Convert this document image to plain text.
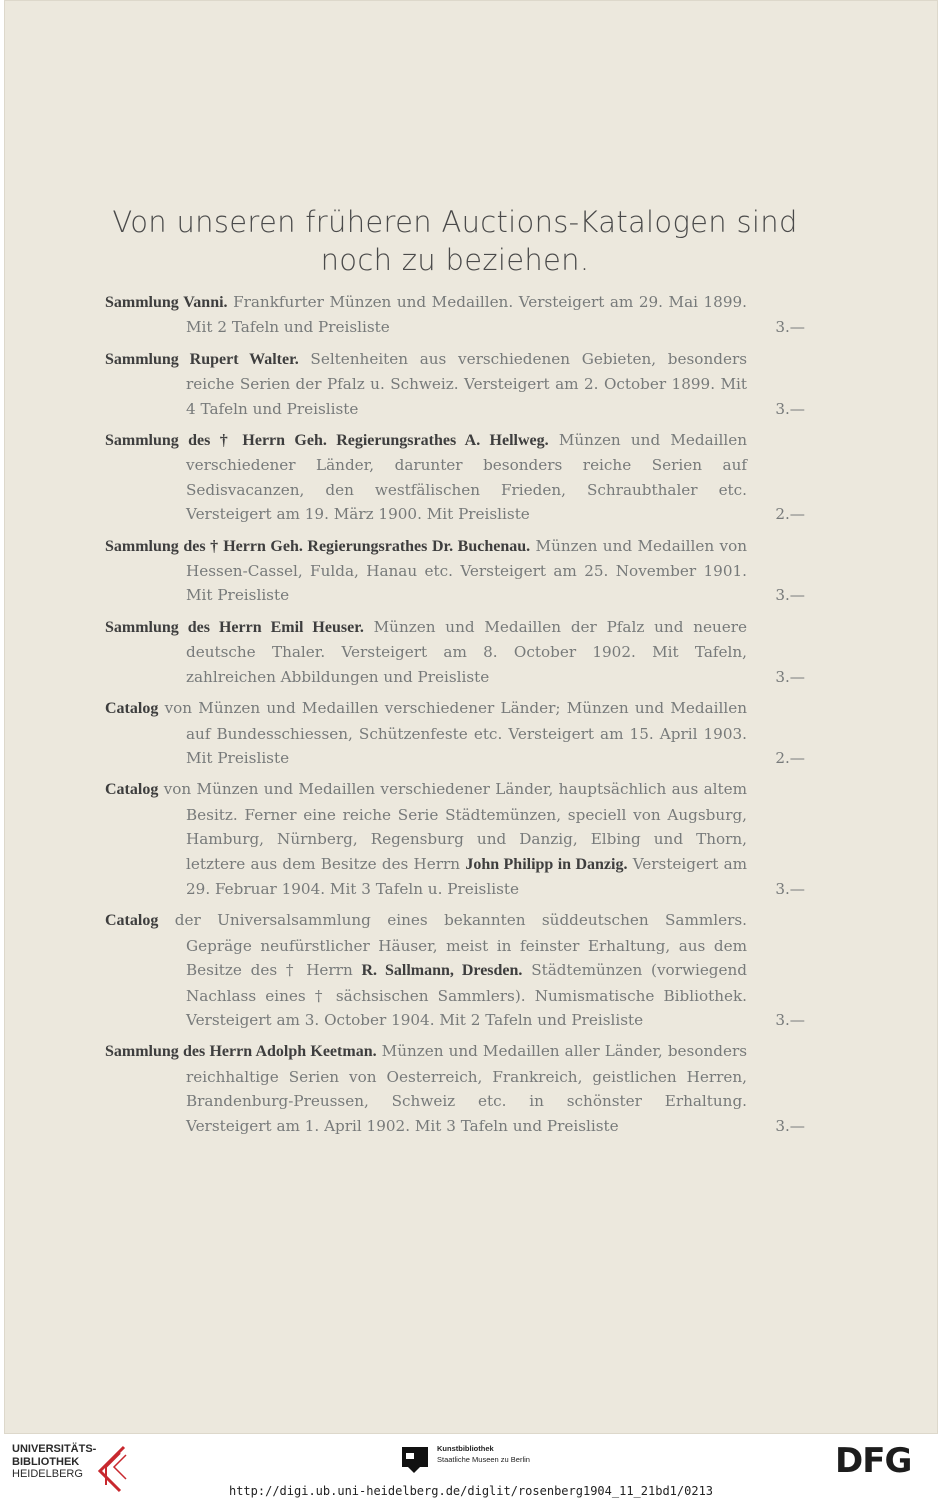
Von unseren früheren Auctions-Katalogen sind
noch zu beziehen.
Sammlung Vanni. Frankfurter Münzen und Medaillen. Versteigert am 29. Mai 1899. Mit 2 Tafeln und Preisliste	3.—
Sammlung Rupert Walter. Seltenheiten aus verschiedenen Gebieten, besonders reiche Serien der Pfalz u. Schweiz. Versteigert am 2. October 1899. Mit 4 Tafeln und Preisliste	3.—
Sammlung des † Herrn Geh. Regierungsrathes A. Hellweg. Münzen und Medaillen verschiedener Länder, darunter besonders reiche Serien auf Sedisvacanzen, den westfälischen Frieden, Schraubthaler etc. Versteigert am 19. März 1900. Mit Preisliste	2.—
Sammlung des † Herrn Geh. Regierungsrathes Dr. Buchenau. Münzen und Medaillen von Hessen-Cassel, Fulda, Hanau etc. Versteigert am 25. November 1901. Mit Preisliste	3.—
Sammlung des Herrn Emil Heuser. Münzen und Medaillen der Pfalz und neuere deutsche Thaler. Versteigert am 8. October 1902. Mit Tafeln, zahlreichen Abbildungen und Preisliste	3.—
Catalog von Münzen und Medaillen verschiedener Länder; Münzen und Medaillen auf Bundesschiessen, Schützenfeste etc. Versteigert am 15. April 1903. Mit Preisliste	2.—
Catalog von Münzen und Medaillen verschiedener Länder, hauptsächlich aus altem Besitz. Ferner eine reiche Serie Städtemünzen, speciell von Augsburg, Hamburg, Nürnberg, Regensburg und Danzig, Elbing und Thorn, letztere aus dem Besitze des Herrn John Philipp in Danzig. Versteigert am 29. Februar 1904. Mit 3 Tafeln u. Preisliste	3.—
Catalog der Universalsammlung eines bekannten süddeutschen Sammlers. Gepräge neufürstlicher Häuser, meist in feinster Erhaltung, aus dem Besitze des † Herrn R. Sallmann, Dresden. Städtemünzen (vorwiegend Nachlass eines † sächsischen Sammlers). Numismatische Bibliothek. Versteigert am 3. October 1904. Mit 2 Tafeln und Preisliste	3.—
Sammlung des Herrn Adolph Keetman. Münzen und Medaillen aller Länder, besonders reichhaltige Serien von Oesterreich, Frankreich, geistlichen Herren, Brandenburg-Preussen, Schweiz etc. in schönster Erhaltung. Versteigert am 1. April 1902. Mit 3 Tafeln und Preisliste	3.—
UNIVERSITÄTS-
BIBLIOTHEK
HEIDELBERG
Kunstbibliothek
Staatliche Museen zu Berlin	DFG
http://digi.ub.uni-heidelberg.de/diglit/rosenberg1904_11_21bd1/0213
